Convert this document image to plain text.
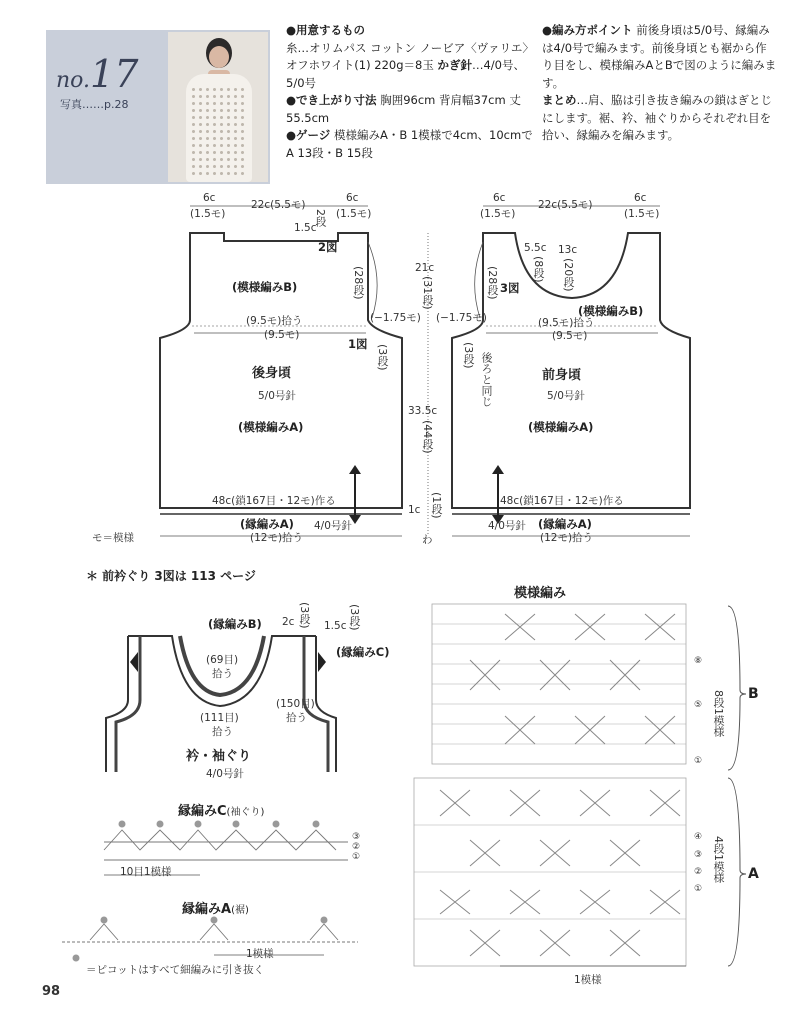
no.17
写真……p.28
●用意するもの
糸…オリムパス コットン ノービア〈ヴァリエ〉 オフホワイト(1) 220g＝8玉 かぎ針…4/0号、5/0号
●でき上がり寸法 胸囲96cm 背肩幅37cm 丈55.5cm
●ゲージ 模様編みA・B 1模様で4cm、10cmでA 13段・B 15段
●編み方ポイント 前後身頃は5/0号、縁編みは4/0号で編みます。前後身頃とも裾から作り目をし、模様編みAとBで図のように編みます。
まとめ…肩、脇は引き抜き編みの鎖はぎとじにします。裾、衿、袖ぐりからそれぞれ目を拾い、縁編みを編みます。
6c
(1.5モ)
22c(5.5モ)
6c
(1.5モ)
2段
1.5c
2図
(28段)
(模様編みB)
(−1.75モ)
(9.5モ)拾う
(9.5モ)
1図 (3段)
後身頃
5/0号針
(模様編みA)
48c(鎖167目・12モ)作る
(縁編みA) 4/0号針
(12モ)拾う
モ＝模様
21c
(31段)
(−1.75モ)
33.5c
(44段)
(1段)
1c
わ
6c
(1.5モ)
22c(5.5モ)
6c
(1.5モ)
5.5c
(8段)
13c
(20段)
(28段) 3図
(模様編みB)
(9.5モ)拾う
(9.5モ)
(3段) 後ろと同じ	前身頃
5/0号針
(模様編みA)
48c(鎖167目・12モ)作る
4/0号針 (縁編みA)
(12モ)拾う
＊ 前衿ぐり 3図は 113 ページ
(縁編みB) 2c (3段) 1.5c (3段)
(縁編みC)
(69目)
拾う
(150目)
拾う
(111目)
拾う
衿・袖ぐり
4/0号針
縁編みC(袖ぐり)
③
②
①
10目1模様
縁編みA(裾)
1模様
＝ピコットはすべて細編みに引き抜く
模様編み
⑧
⑤
①
8段1模様 B
④
③
②
①
4段1模様 A
1模様
98
